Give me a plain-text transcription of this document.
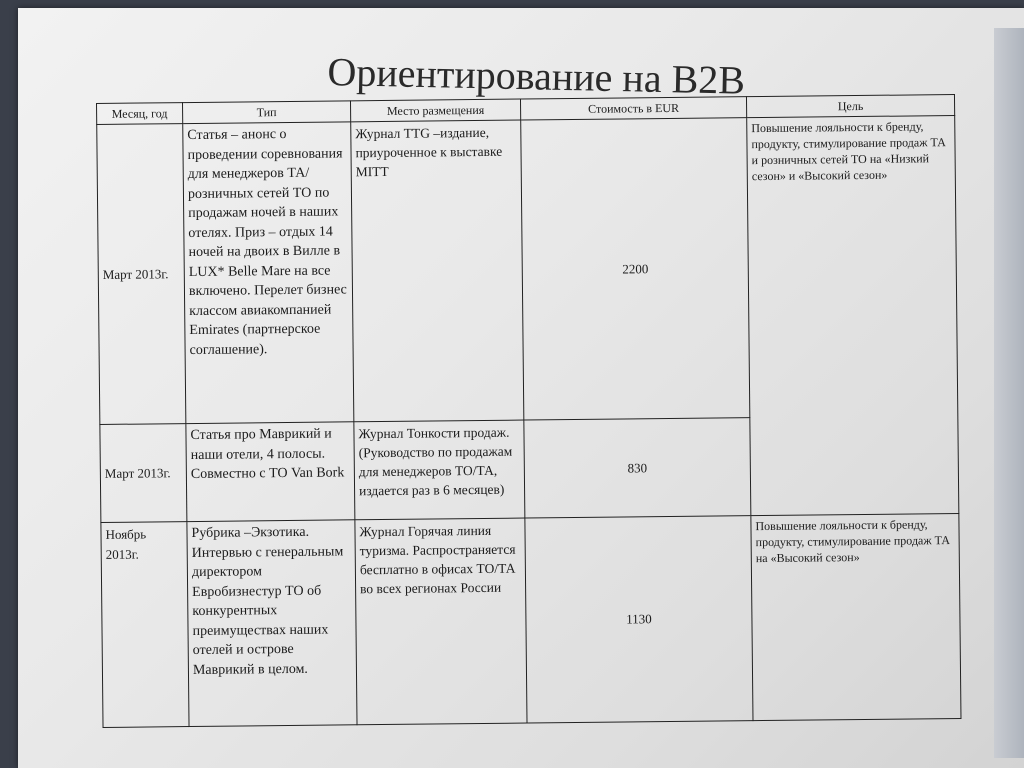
Ориентирование на B2B
Месяц, год	Тип	Место размещения	Стоимость в EUR	Цель
Март 2013г.	Статья – анонс о проведении соревнования для менеджеров ТА/ розничных сетей ТО по продажам ночей в наших отелях. Приз – отдых 14 ночей на двоих в Вилле в LUX* Belle Mare на все включено. Перелет бизнес классом авиакомпанией Emirates (партнерское соглашение).	Журнал TTG –издание, приуроченное к выставке МІТТ	2200	Повышение лояльности к бренду, продукту, стимулирование продаж ТА и розничных сетей ТО на «Низкий сезон» и «Высокий сезон»
Март 2013г.	Статья про Маврикий и наши отели, 4 полосы. Совместно с ТО Van Bork	Журнал Тонкости продаж. (Руководство по продажам для менеджеров ТО/ТА, издается раз в 6 месяцев)	830	
Ноябрь 2013г.	Рубрика –Экзотика. Интервью с генеральным директором Евробизнестур ТО об конкурентных преимуществах наших отелей и острове Маврикий в целом.	Журнал Горячая линия туризма. Распространяется бесплатно в офисах ТО/ТА во всех регионах России	1130	Повышение лояльности к бренду, продукту, стимулирование продаж ТА на «Высокий сезон»
